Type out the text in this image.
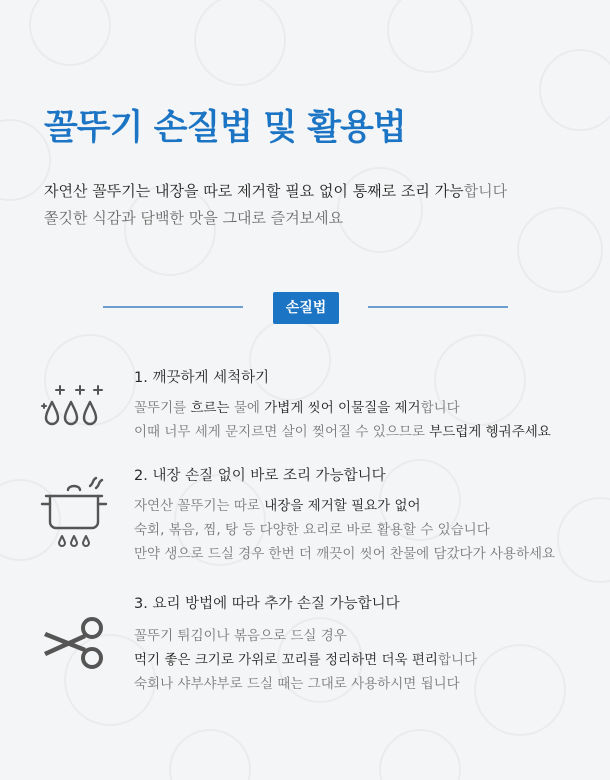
꼴뚜기 손질법 및 활용법
자연산 꼴뚜기는 내장을 따로 제거할 필요 없이 통째로 조리 가능합니다
쫄깃한 식감과 담백한 맛을 그대로 즐겨보세요
손질법
1. 깨끗하게 세척하기
꼴뚜기를 흐르는 물에 가볍게 씻어 이물질을 제거합니다
이때 너무 세게 문지르면 살이 찢어질 수 있으므로 부드럽게 헹궈주세요
2. 내장 손질 없이 바로 조리 가능합니다
자연산 꼴뚜기는 따로 내장을 제거할 필요가 없어
숙회, 볶음, 찜, 탕 등 다양한 요리로 바로 활용할 수 있습니다
만약 생으로 드실 경우 한번 더 깨끗이 씻어 찬물에 담갔다가 사용하세요
3. 요리 방법에 따라 추가 손질 가능합니다
꼴뚜기 튀김이나 볶음으로 드실 경우
먹기 좋은 크기로 가위로 꼬리를 정리하면 더욱 편리합니다
숙회나 샤부샤부로 드실 때는 그대로 사용하시면 됩니다
